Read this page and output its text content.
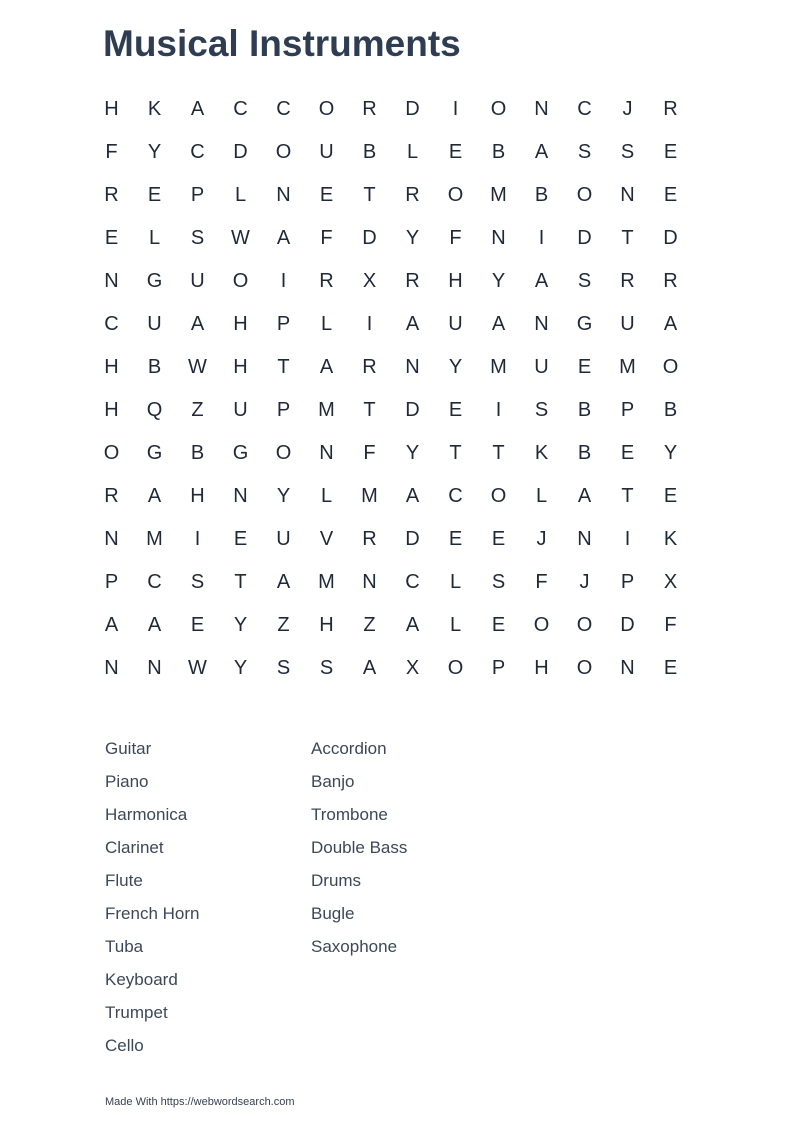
Musical Instruments
H	K	A	C	C	O	R	D	I	O	N	C	J	R
F	Y	C	D	O	U	B	L	E	B	A	S	S	E
R	E	P	L	N	E	T	R	O	M	B	O	N	E
E	L	S	W	A	F	D	Y	F	N	I	D	T	D
N	G	U	O	I	R	X	R	H	Y	A	S	R	R
C	U	A	H	P	L	I	A	U	A	N	G	U	A
H	B	W	H	T	A	R	N	Y	M	U	E	M	O
H	Q	Z	U	P	M	T	D	E	I	S	B	P	B
O	G	B	G	O	N	F	Y	T	T	K	B	E	Y
R	A	H	N	Y	L	M	A	C	O	L	A	T	E
N	M	I	E	U	V	R	D	E	E	J	N	I	K
P	C	S	T	A	M	N	C	L	S	F	J	P	X
A	A	E	Y	Z	H	Z	A	L	E	O	O	D	F
N	N	W	Y	S	S	A	X	O	P	H	O	N	E
Guitar
Piano
Harmonica
Clarinet
Flute
French Horn
Tuba
Keyboard
Trumpet
Cello
Accordion
Banjo
Trombone
Double Bass
Drums
Bugle
Saxophone
Made With https://webwordsearch.com
